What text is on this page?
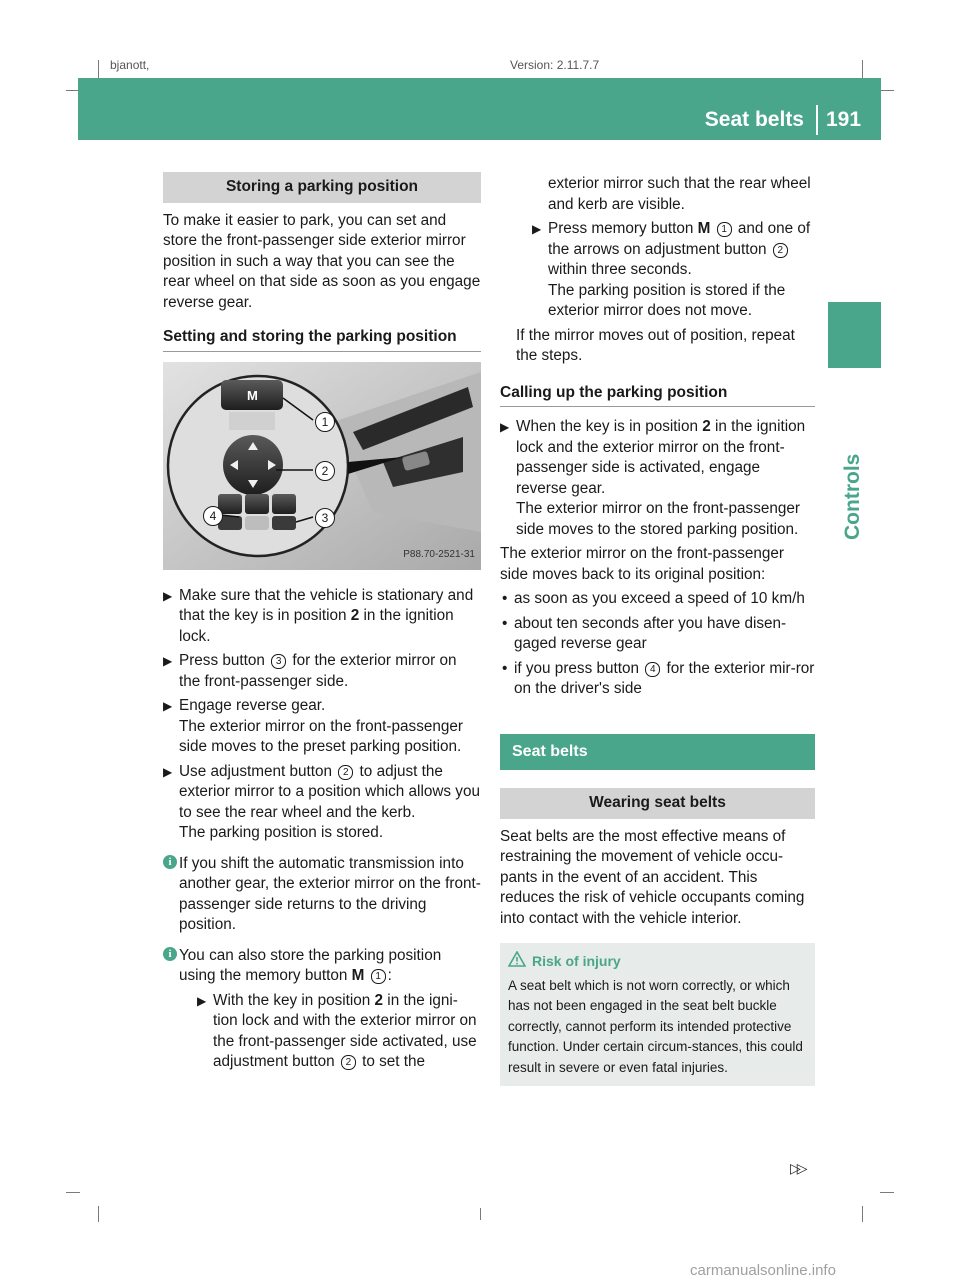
bjanott,	Version: 2.11.7.7
Seat belts 191
Controls
Storing a parking position

To make it easier to park, you can set and store the front-passenger side exterior mirror position in such a way that you can see the rear wheel on that side as soon as you engage reverse gear.

Setting and storing the parking position
M
1
2
3
4
P88.70-2521-31
▶ Make sure that the vehicle is stationary and that the key is in position 2 in the ignition lock.
▶ Press button 3 for the exterior mirror on the front-passenger side.
▶ Engage reverse gear.
The exterior mirror on the front-passenger side moves to the preset parking position.
▶ Use adjustment button 2 to adjust the exterior mirror to a position which allows you to see the rear wheel and the kerb.
The parking position is stored.
i If you shift the automatic transmission into another gear, the exterior mirror on the front-passenger side returns to the driving position.
i You can also store the parking position using the memory button M 1 :
▶ With the key in position 2 in the igni-tion lock and with the exterior mirror on the front-passenger side activated, use adjustment button 2 to set the

exterior mirror such that the rear wheel and kerb are visible.

▶ Press memory button M 1 and one of the arrows on adjustment button 2 within three seconds.
The parking position is stored if the exterior mirror does not move.

If the mirror moves out of position, repeat the steps.

Calling up the parking position
▶ When the key is in position 2 in the ignition lock and the exterior mirror on the front-passenger side is activated, engage reverse gear.
The exterior mirror on the front-passenger side moves to the stored parking position.

The exterior mirror on the front-passenger side moves back to its original position:

• as soon as you exceed a speed of 10 km/h
• about ten seconds after you have disen-gaged reverse gear
• if you press button 4 for the exterior mir-ror on the driver's side
Seat belts
Wearing seat belts

Seat belts are the most effective means of restraining the movement of vehicle occu-pants in the event of an accident. This reduces the risk of vehicle occupants coming into contact with the vehicle interior.

Risk of injury

A seat belt which is not worn correctly, or which has not been engaged in the seat belt buckle correctly, cannot perform its intended protective function. Under certain circum-stances, this could result in severe or even fatal injuries.

▷▷
carmanualsonline.info
